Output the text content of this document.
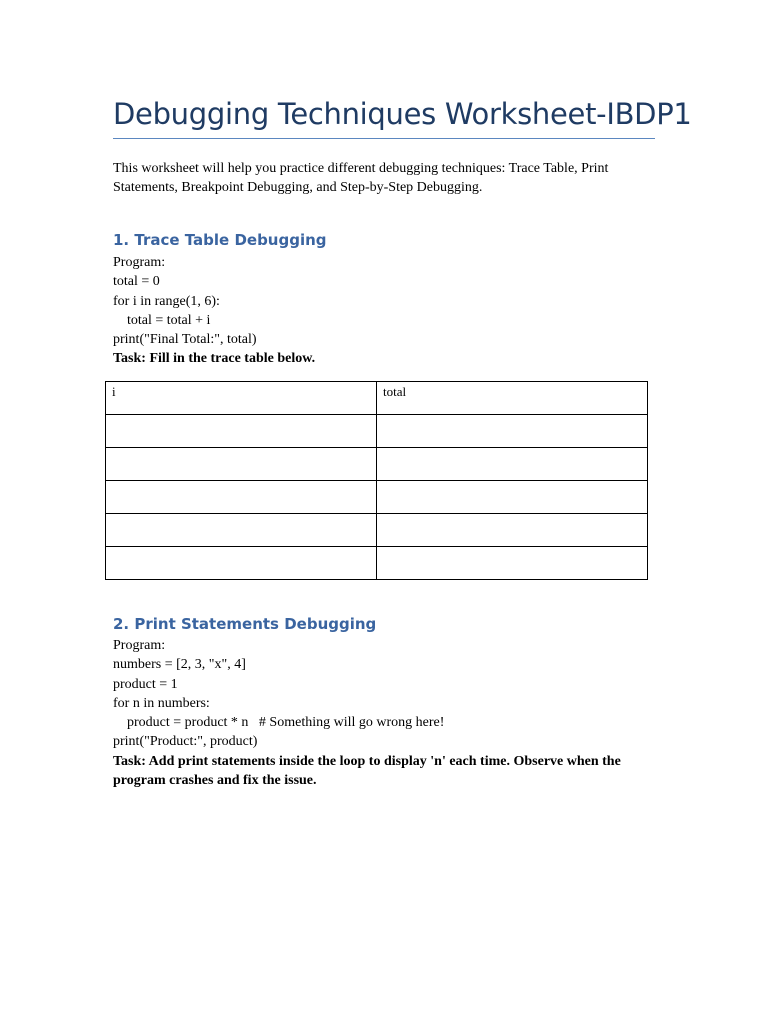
Debugging Techniques Worksheet-IBDP1
This worksheet will help you practice different debugging techniques: Trace Table, Print Statements, Breakpoint Debugging, and Step-by-Step Debugging.
1. Trace Table Debugging
Program:
total = 0
for i in range(1, 6):
total = total + i
print("Final Total:", total)
Task: Fill in the trace table below.
i	total

2. Print Statements Debugging
Program:
numbers = [2, 3, "x", 4]
product = 1
for n in numbers:
product = product * n   # Something will go wrong here!
print("Product:", product)
Task: Add print statements inside the loop to display 'n' each time. Observe when the program crashes and fix the issue.
